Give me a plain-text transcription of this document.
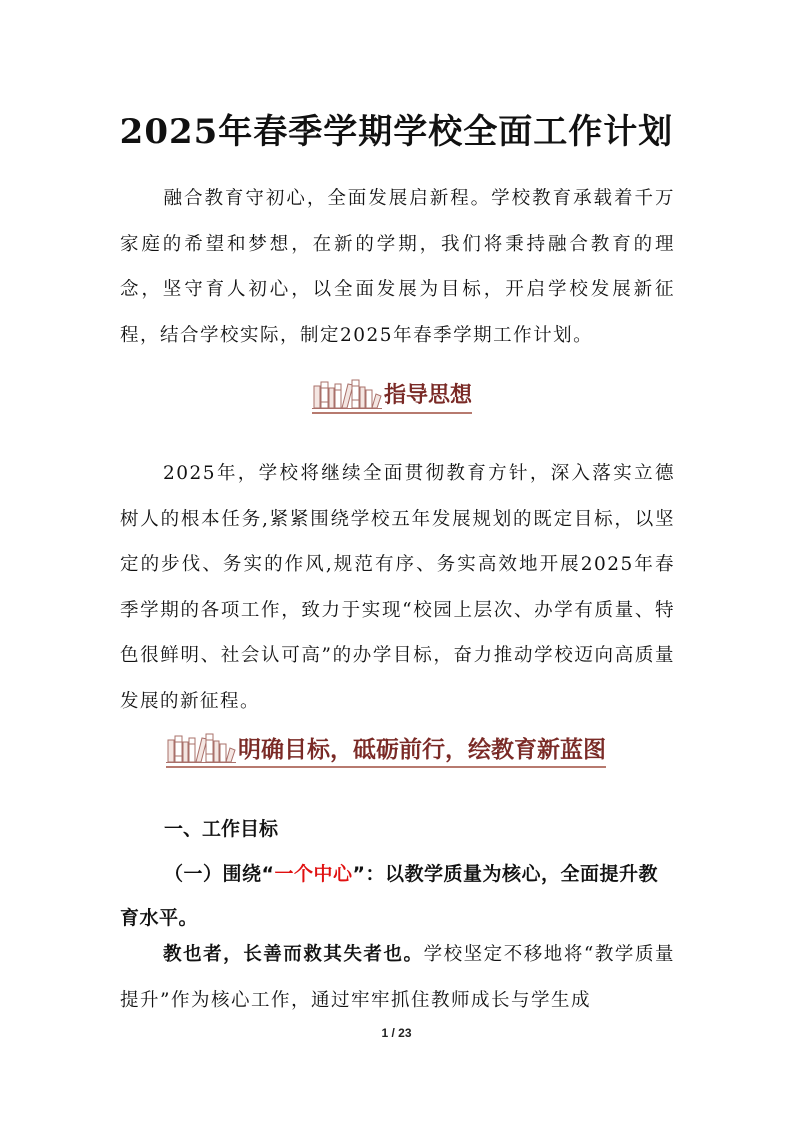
2025年春季学期学校全面工作计划
融合教育守初心，全面发展启新程。学校教育承载着千万家庭的希望和梦想，在新的学期，我们将秉持融合教育的理念，坚守育人初心，以全面发展为目标，开启学校发展新征程，结合学校实际，制定2025年春季学期工作计划。
指导思想
2025年，学校将继续全面贯彻教育方针，深入落实立德树人的根本任务,紧紧围绕学校五年发展规划的既定目标，以坚定的步伐、务实的作风,规范有序、务实高效地开展2025年春季学期的各项工作，致力于实现“校园上层次、办学有质量、特色很鲜明、社会认可高”的办学目标，奋力推动学校迈向高质量发展的新征程。
明确目标，砥砺前行，绘教育新蓝图
一、工作目标
（一）围绕“一个中心”：以教学质量为核心，全面提升教育水平。
教也者，长善而救其失者也。学校坚定不移地将“教学质量提升”作为核心工作，通过牢牢抓住教师成长与学生成
1 / 23
